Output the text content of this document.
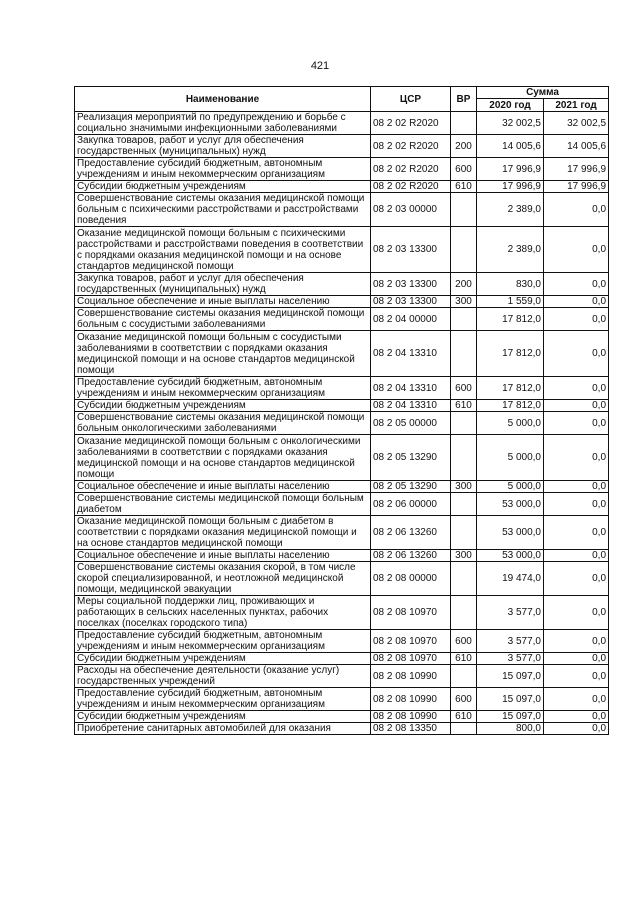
421
Наименование	ЦСР	ВР	Сумма	
			2020 год	2021 год
Реализация мероприятий по предупреждению и борьбе с социально значимыми инфекционными заболеваниями	08 2 02 R2020		32 002,5	32 002,5
Закупка товаров, работ и услуг для обеспечения государственных (муниципальных) нужд	08 2 02 R2020	200	14 005,6	14 005,6
Предоставление субсидий бюджетным, автономным учреждениям и иным некоммерческим организациям	08 2 02 R2020	600	17 996,9	17 996,9
Субсидии бюджетным учреждениям	08 2 02 R2020	610	17 996,9	17 996,9
Совершенствование системы оказания медицинской помощи больным с психическими расстройствами и расстройствами поведения	08 2 03 00000		2 389,0	0,0
Оказание медицинской помощи больным с психическими расстройствами и расстройствами поведения в соответствии с порядками оказания медицинской помощи и на основе стандартов медицинской помощи	08 2 03 13300		2 389,0	0,0
Закупка товаров, работ и услуг для обеспечения государственных (муниципальных) нужд	08 2 03 13300	200	830,0	0,0
Социальное обеспечение и иные выплаты населению	08 2 03 13300	300	1 559,0	0,0
Совершенствование системы оказания медицинской помощи больным с сосудистыми заболеваниями	08 2 04 00000		17 812,0	0,0
Оказание медицинской помощи больным с сосудистыми заболеваниями в соответствии с порядками оказания медицинской помощи и на основе стандартов медицинской помощи	08 2 04 13310		17 812,0	0,0
Предоставление субсидий бюджетным, автономным учреждениям и иным некоммерческим организациям	08 2 04 13310	600	17 812,0	0,0
Субсидии бюджетным учреждениям	08 2 04 13310	610	17 812,0	0,0
Совершенствование системы оказания медицинской помощи больным онкологическими заболеваниями	08 2 05 00000		5 000,0	0,0
Оказание медицинской помощи больным с онкологическими заболеваниями в соответствии с порядками оказания медицинской помощи и на основе стандартов медицинской помощи	08 2 05 13290		5 000,0	0,0
Социальное обеспечение и иные выплаты населению	08 2 05 13290	300	5 000,0	0,0
Совершенствование системы медицинской помощи больным диабетом	08 2 06 00000		53 000,0	0,0
Оказание медицинской помощи больным с диабетом в соответствии с порядками оказания медицинской помощи и на основе стандартов медицинской помощи	08 2 06 13260		53 000,0	0,0
Социальное обеспечение и иные выплаты населению	08 2 06 13260	300	53 000,0	0,0
Совершенствование системы оказания скорой, в том числе скорой специализированной, и неотложной медицинской помощи, медицинской эвакуации	08 2 08 00000		19 474,0	0,0
Меры социальной поддержки лиц, проживающих и работающих в сельских населенных пунктах, рабочих поселках (поселках городского типа)	08 2 08 10970		3 577,0	0,0
Предоставление субсидий бюджетным, автономным учреждениям и иным некоммерческим организациям	08 2 08 10970	600	3 577,0	0,0
Субсидии бюджетным учреждениям	08 2 08 10970	610	3 577,0	0,0
Расходы на обеспечение деятельности (оказание услуг) государственных учреждений	08 2 08 10990		15 097,0	0,0
Предоставление субсидий бюджетным, автономным учреждениям и иным некоммерческим организациям	08 2 08 10990	600	15 097,0	0,0
Субсидии бюджетным учреждениям	08 2 08 10990	610	15 097,0	0,0
Приобретение санитарных автомобилей для оказания	08 2 08 13350		800,0	0,0
